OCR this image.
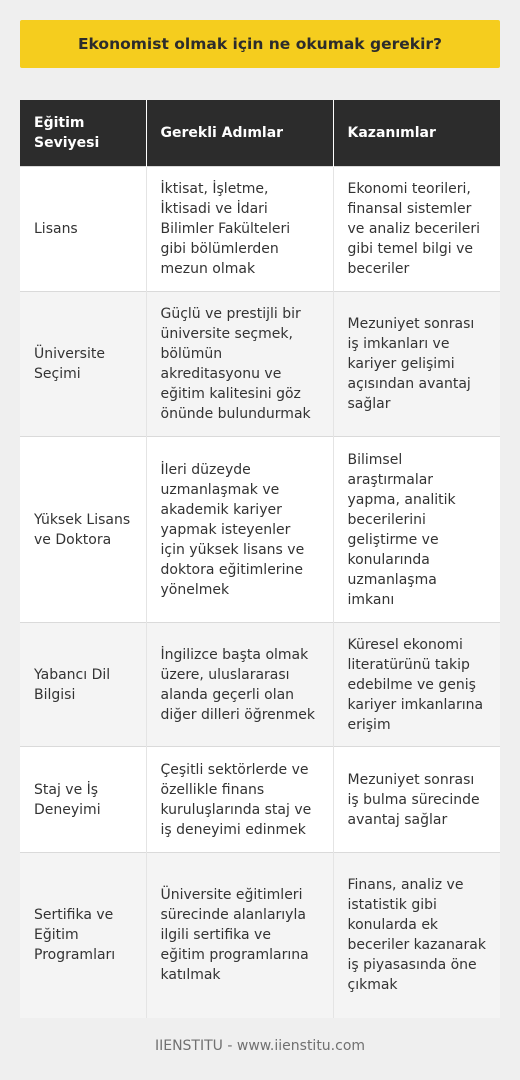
Ekonomist olmak için ne okumak gerekir?
Eğitim Seviyesi	Gerekli Adımlar	Kazanımlar
Lisans	İktisat, İşletme, İktisadi ve İdari Bilimler Fakülteleri gibi bölümlerden mezun olmak	Ekonomi teorileri, finansal sistemler ve analiz becerileri gibi temel bilgi ve beceriler
Üniversite Seçimi	Güçlü ve prestijli bir üniversite seçmek, bölümün akreditasyonu ve eğitim kalitesini göz önünde bulundurmak	Mezuniyet sonrası iş imkanları ve kariyer gelişimi açısından avantaj sağlar
Yüksek Lisans ve Doktora	İleri düzeyde uzmanlaşmak ve akademik kariyer yapmak isteyenler için yüksek lisans ve doktora eğitimlerine yönelmek	Bilimsel araştırmalar yapma, analitik becerilerini geliştirme ve konularında uzmanlaşma imkanı
Yabancı Dil Bilgisi	İngilizce başta olmak üzere, uluslararası alanda geçerli olan diğer dilleri öğrenmek	Küresel ekonomi literatürünü takip edebilme ve geniş kariyer imkanlarına erişim
Staj ve İş Deneyimi	Çeşitli sektörlerde ve özellikle finans kuruluşlarında staj ve iş deneyimi edinmek	Mezuniyet sonrası iş bulma sürecinde avantaj sağlar
Sertifika ve Eğitim Programları	Üniversite eğitimleri sürecinde alanlarıyla ilgili sertifika ve eğitim programlarına katılmak	Finans, analiz ve istatistik gibi konularda ek beceriler kazanarak iş piyasasında öne çıkmak
IIENSTITU - www.iienstitu.com
